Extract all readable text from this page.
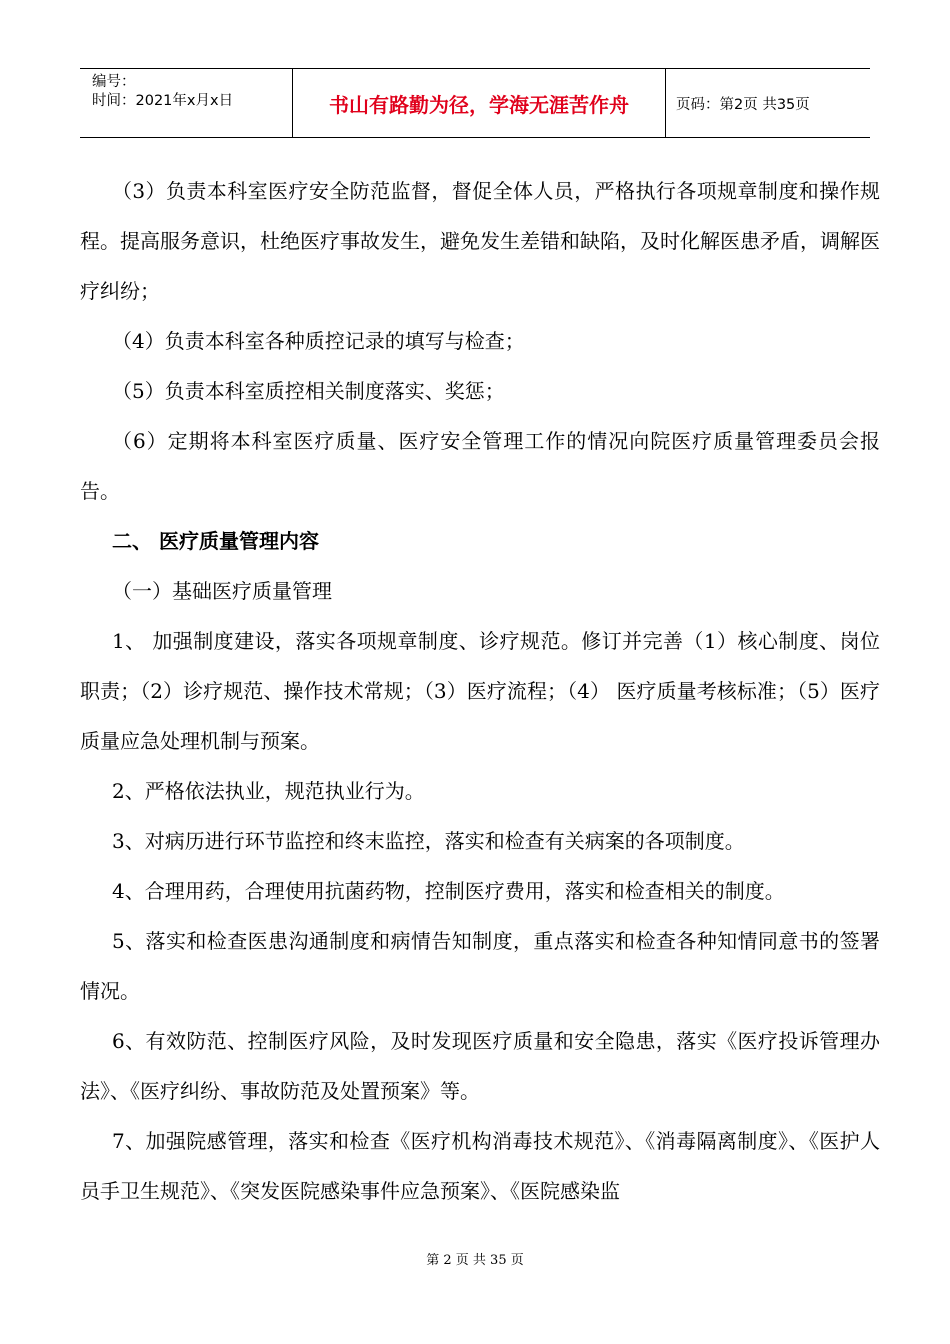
编号：
时间：2021年x月x日	书山有路勤为径，学海无涯苦作舟	页码：第2页 共35页

（3）负责本科室医疗安全防范监督，督促全体人员，严格执行各项规章制度和操作规程。提高服务意识，杜绝医疗事故发生，避免发生差错和缺陷，及时化解医患矛盾，调解医疗纠纷；

（4）负责本科室各种质控记录的填写与检查；

（5）负责本科室质控相关制度落实、奖惩；

（6）定期将本科室医疗质量、医疗安全管理工作的情况向院医疗质量管理委员会报告。

二、 医疗质量管理内容

（一）基础医疗质量管理

1、 加强制度建设，落实各项规章制度、诊疗规范。修订并完善（1）核心制度、岗位职责；（2）诊疗规范、操作技术常规；（3）医疗流程；（4） 医疗质量考核标准；（5）医疗质量应急处理机制与预案。

2、严格依法执业，规范执业行为。

3、对病历进行环节监控和终末监控，落实和检查有关病案的各项制度。

4、合理用药，合理使用抗菌药物，控制医疗费用，落实和检查相关的制度。

5、落实和检查医患沟通制度和病情告知制度，重点落实和检查各种知情同意书的签署情况。

6、有效防范、控制医疗风险，及时发现医疗质量和安全隐患，落实《医疗投诉管理办法》、《医疗纠纷、事故防范及处置预案》等。

7、加强院感管理，落实和检查《医疗机构消毒技术规范》、《消毒隔离制度》、《医护人员手卫生规范》、《突发医院感染事件应急预案》、《医院感染监

第 2 页 共 35 页
